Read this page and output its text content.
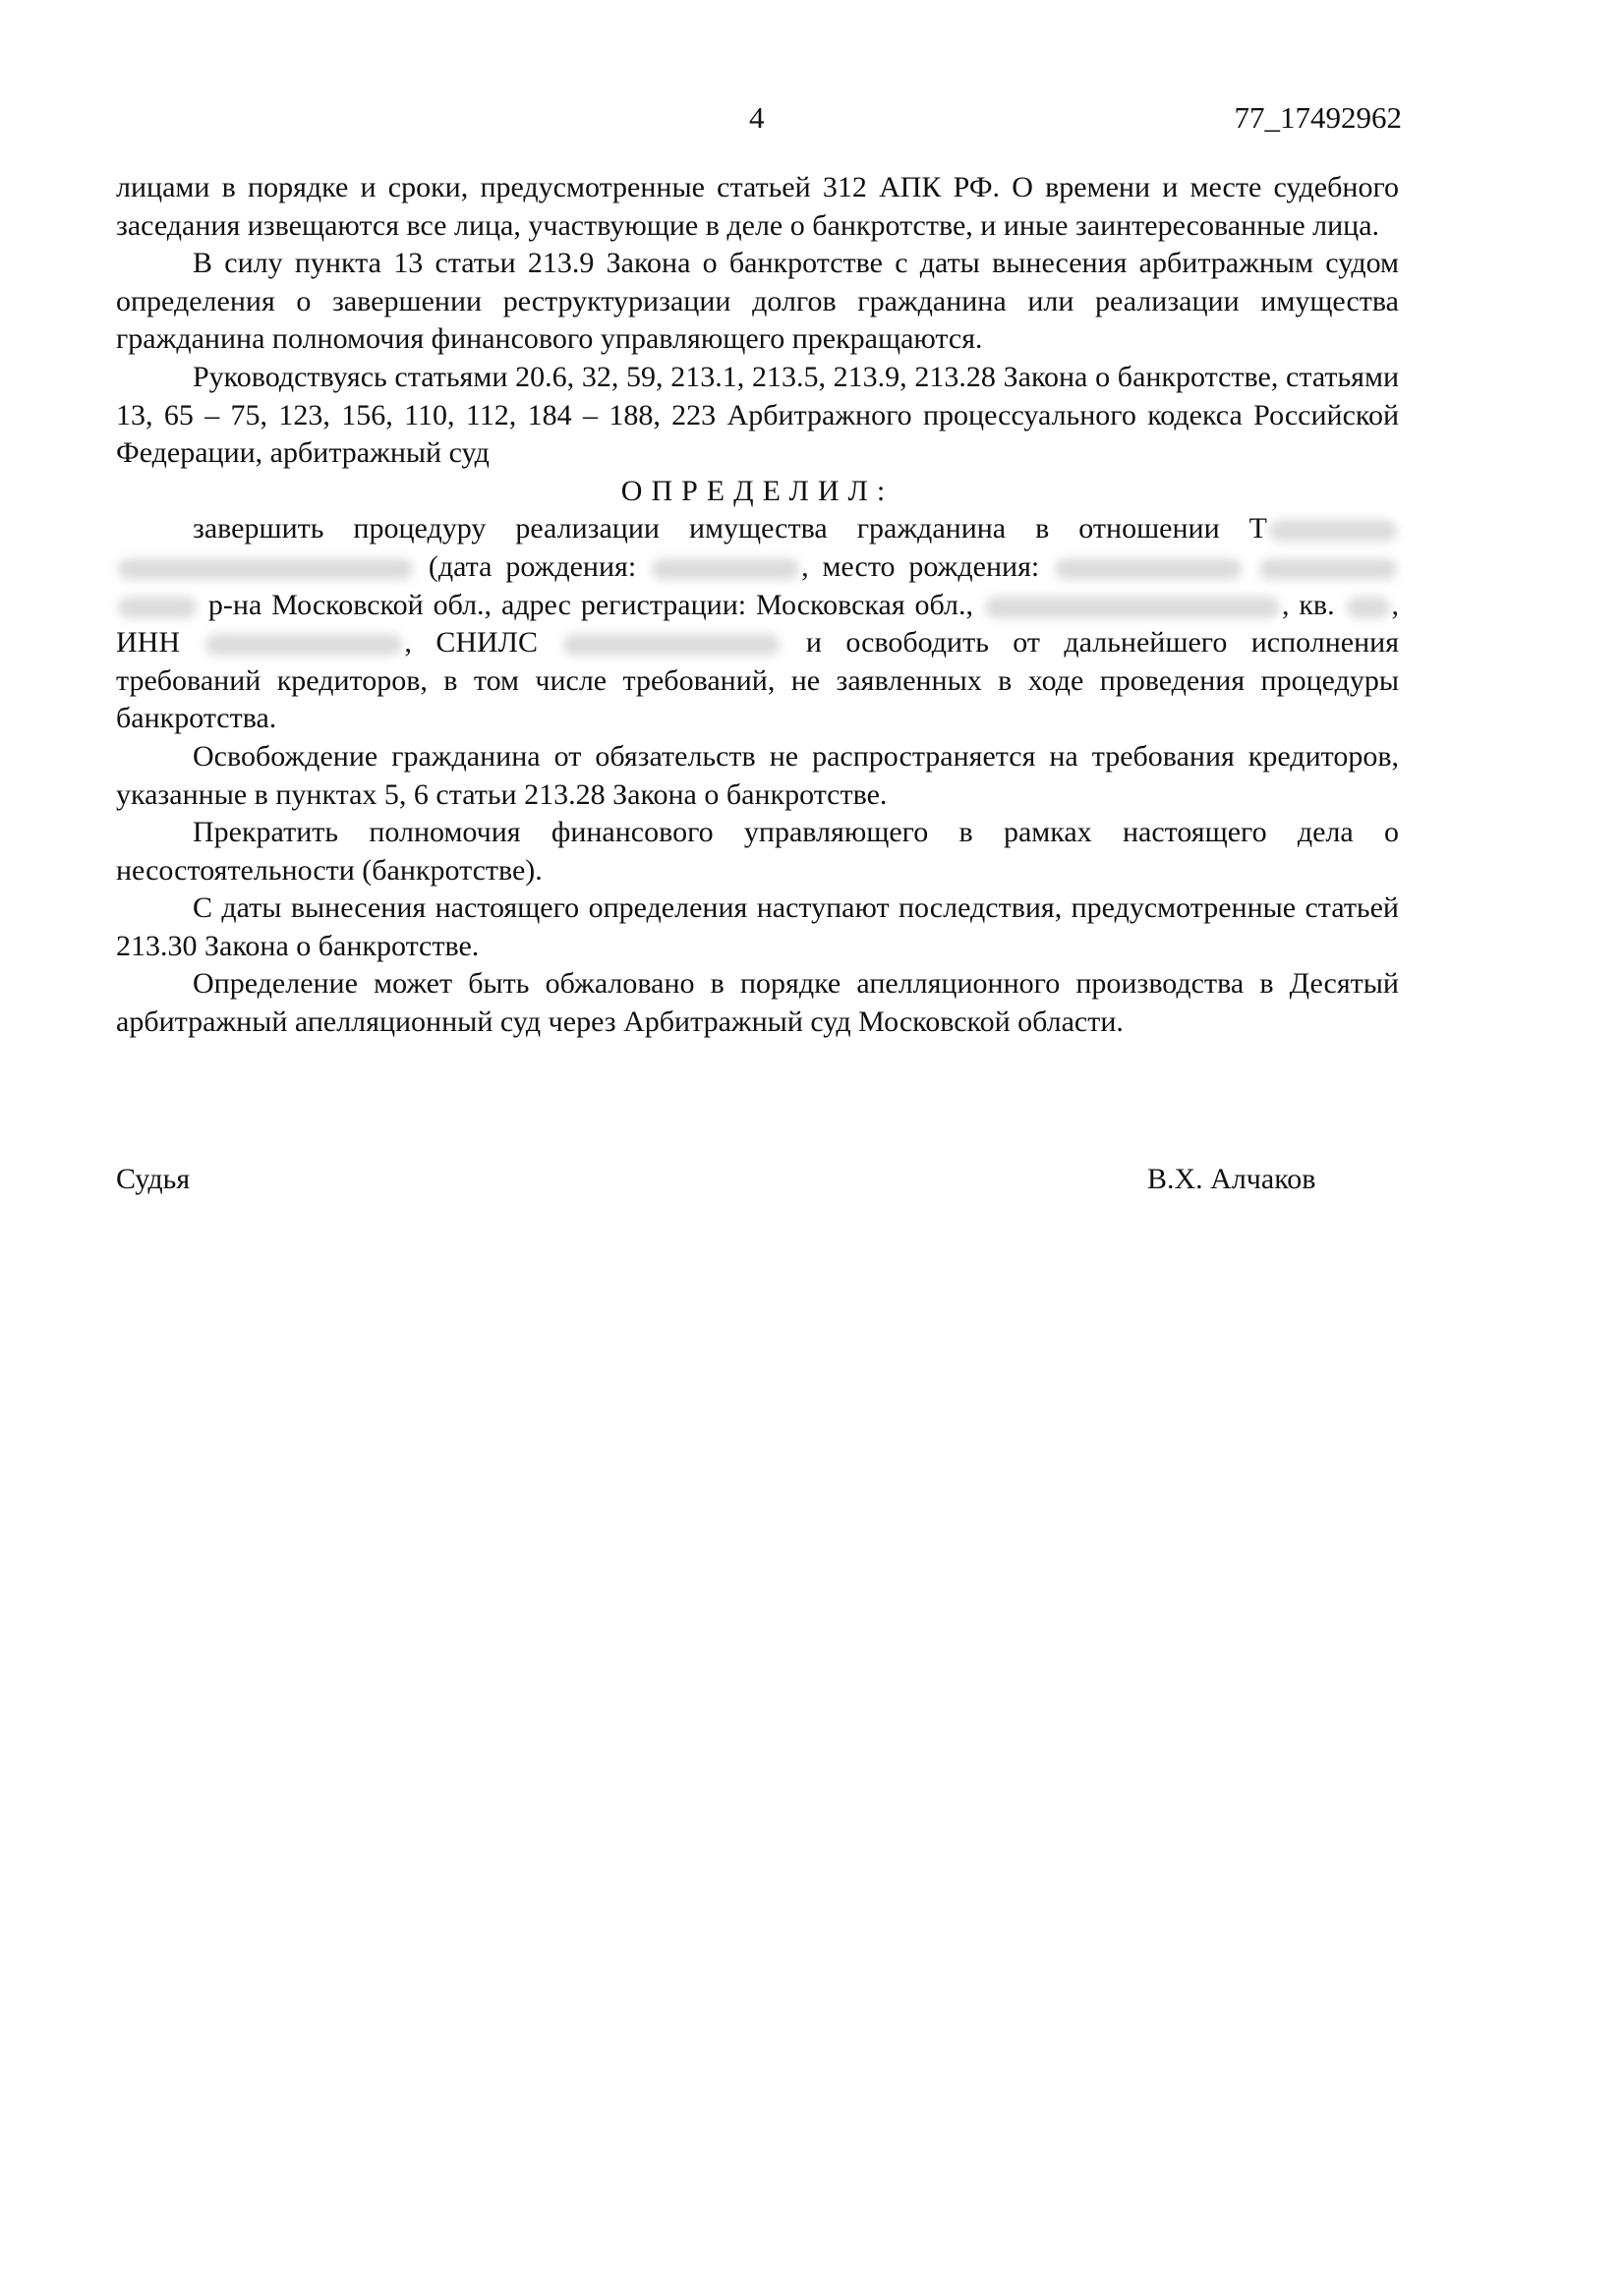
4	77_17492962

лицами в порядке и сроки, предусмотренные статьей 312 АПК РФ. О времени и месте судебного заседания извещаются все лица, участвующие в деле о банкротстве, и иные заинтересованные лица.

В силу пункта 13 статьи 213.9 Закона о банкротстве с даты вынесения арбитражным судом определения о завершении реструктуризации долгов гражданина или реализации имущества гражданина полномочия финансового управляющего прекращаются.

Руководствуясь статьями 20.6, 32, 59, 213.1, 213.5, 213.9, 213.28 Закона о банкротстве, статьями 13, 65 – 75, 123, 156, 110, 112, 184 – 188, 223 Арбитражного процессуального кодекса Российской Федерации, арбитражный суд

ОПРЕДЕЛИЛ:

завершить процедуру реализации имущества гражданина в отношении Т  (дата рождения:	, место рождения:    р-на Московской обл., адрес регистрации: Московская обл.,	, кв. , ИНН	, СНИЛС	и освободить от дальнейшего исполнения требований кредиторов, в том числе требований, не заявленных в ходе проведения процедуры банкротства.

Освобождение гражданина от обязательств не распространяется на требования кредиторов, указанные в пунктах 5, 6 статьи 213.28 Закона о банкротстве.

Прекратить полномочия финансового управляющего в рамках настоящего дела о несостоятельности (банкротстве).

С даты вынесения настоящего определения наступают последствия, предусмотренные статьей 213.30 Закона о банкротстве.

Определение может быть обжаловано в порядке апелляционного производства в Десятый арбитражный апелляционный суд через Арбитражный суд Московской области.

Судья	В.Х. Алчаков
